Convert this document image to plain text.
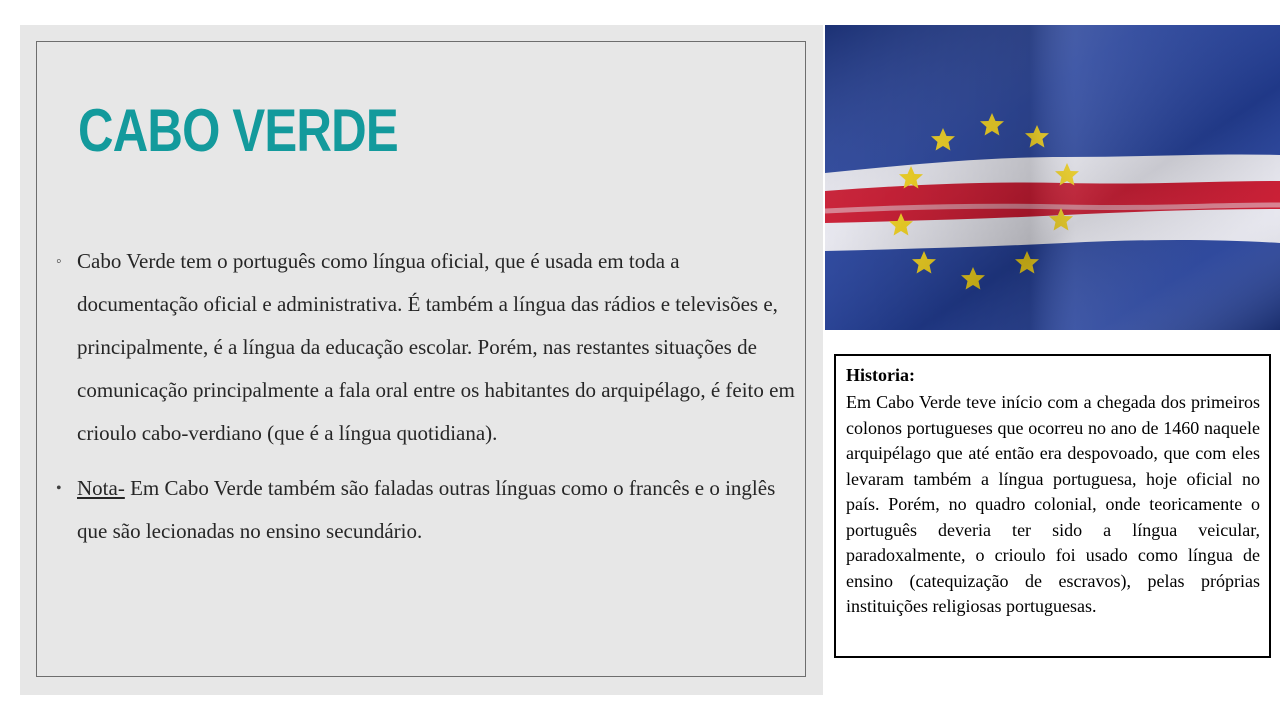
CABO VERDE
◦ Cabo Verde tem o português como língua oficial, que é usada em toda a documentação oficial e administrativa. É também a língua das rádios e televisões e, principalmente, é a língua da educação escolar. Porém, nas restantes situações de comunicação principalmente a fala oral entre os habitantes do arquipélago, é feito em crioulo cabo-verdiano (que é a língua quotidiana).
• Nota- Em Cabo Verde também são faladas outras línguas como o francês e o inglês que são lecionadas no ensino secundário.
Historia:
Em Cabo Verde teve início com a chegada dos primeiros colonos portugueses que ocorreu no ano de 1460 naquele arquipélago que até então era despovoado, que com eles levaram também a língua portuguesa, hoje oficial no país. Porém, no quadro colonial, onde teoricamente o português deveria ter sido a língua veicular, paradoxalmente, o crioulo foi usado como língua de ensino (catequização de escravos), pelas próprias instituições religiosas portuguesas.
